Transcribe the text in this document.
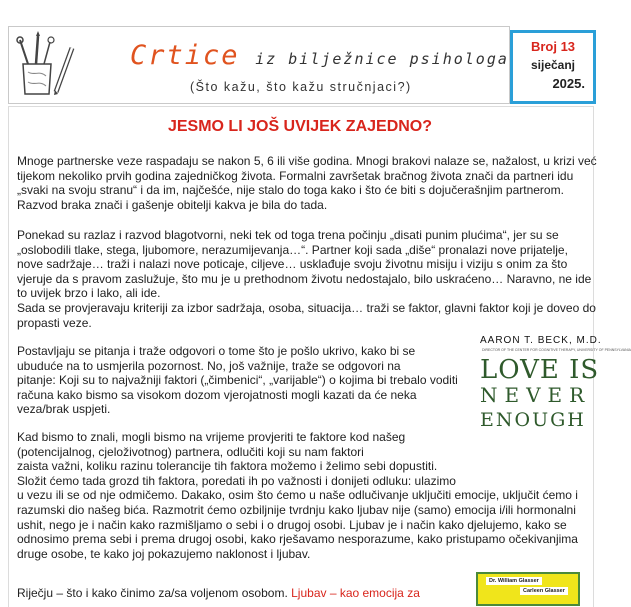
Crtice iz bilježnice psihologa
(Što kažu, što kažu stručnjaci?)
Broj 13
siječanj
2025.
JESMO LI JOŠ UVIJEK ZAJEDNO?

Mnoge partnerske veze raspadaju se nakon 5, 6 ili više godina. Mnogi brakovi nalaze se, nažalost, u krizi već
tijekom nekoliko prvih godina zajedničkog života. Formalni završetak bračnog života znači da partneri idu
„svaki na svoju stranu“ i da im, najčešće, nije stalo do toga kako i što će biti s dojučerašnjim partnerom.
Razvod braka znači i gašenje obitelji kakva je bila do tada.

Ponekad su razlaz i razvod blagotvorni, neki tek od toga trena počinju „disati punim plućima“, jer su se
„oslobodili tlake, stega, ljubomore, nerazumijevanja…“. Partner koji sada „diše“ pronalazi nove prijatelje,
nove sadržaje… traži i nalazi nove poticaje, ciljeve… usklađuje svoju životnu misiju i viziju s onim za što
vjeruje da s pravom zaslužuje, što mu je u prethodnom životu nedostajalo, bilo uskraćeno… Naravno, ne ide
to uvijek brzo i lako, ali ide.
Sada se provjeravaju kriteriji za izbor sadržaja, osoba, situacija… traži se faktor, glavni faktor koji je doveo do
propasti veze.

Postavljaju se pitanja i traže odgovori o tome što je pošlo ukrivo, kako bi se
ubuduće na to usmjerila pozornost. No, još važnije, traže se odgovori na
pitanje: Koji su to najvažniji faktori („čimbenici“, „varijable“) o kojima bi trebalo voditi
računa kako bismo sa visokom dozom vjerojatnosti mogli kazati da će neka
veza/brak uspjeti.

Kad bismo to znali, mogli bismo na vrijeme provjeriti te faktore kod našeg
(potencijalnog, cjeloživotnog) partnera, odlučiti koji su nam faktori
zaista važni, koliku razinu tolerancije tih faktora možemo i želimo sebi dopustiti.
Složit ćemo tada grozd tih faktora, poredati ih po važnosti i donijeti odluku: ulazimo
u vezu ili se od nje odmičemo. Dakako, osim što ćemo u naše odlučivanje uključiti emocije, uključit ćemo i
razumski dio našeg bića. Razmotrit ćemo ozbiljnije tvrdnju kako ljubav nije (samo) emocija i/ili hormonalni
ushit, nego je i način kako razmišljamo o sebi i o drugoj osobi. Ljubav je i način kako djelujemo, kako se
odnosimo prema sebi i prema drugoj osobi, kako rješavamo nesporazume, kako pristupamo očekivanjima
druge osobe, te kako joj pokazujemo naklonost i ljubav.

Riječju – što i kako činimo za/sa voljenom osobom. Ljubav – kao emocija za

AARON T. BECK, M.D.
DIRECTOR OF THE CENTER FOR COGNITIVE THERAPY, UNIVERSITY OF PENNSYLVANIA
LOVE IS
NEVER
ENOUGH
Dr. William Glasser
Carleen Glasser
